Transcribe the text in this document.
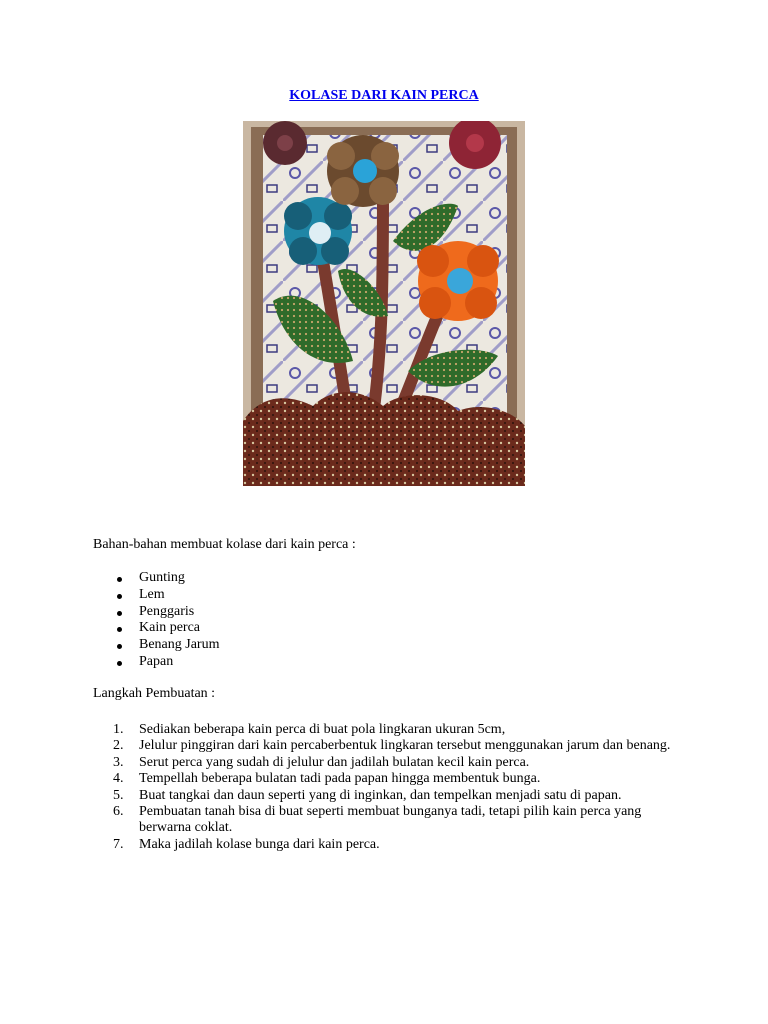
KOLASE DARI KAIN PERCA
Bahan-bahan membuat kolase dari kain perca :
Gunting
Lem
Penggaris
Kain perca
Benang Jarum
Papan
Langkah Pembuatan :
1.	Sediakan beberapa kain perca di buat pola lingkaran ukuran 5cm,
2.	Jelulur pinggiran dari kain percaberbentuk lingkaran tersebut menggunakan jarum dan benang.
3.	Serut perca yang sudah di jelulur dan jadilah bulatan kecil kain perca.
4.	Tempellah beberapa bulatan tadi pada papan hingga membentuk bunga.
5.	Buat tangkai dan daun seperti yang di inginkan, dan tempelkan menjadi satu di papan.
6.	Pembuatan tanah bisa di buat seperti membuat bunganya tadi, tetapi pilih kain perca yang berwarna coklat.
7.	Maka jadilah kolase bunga dari kain perca.
